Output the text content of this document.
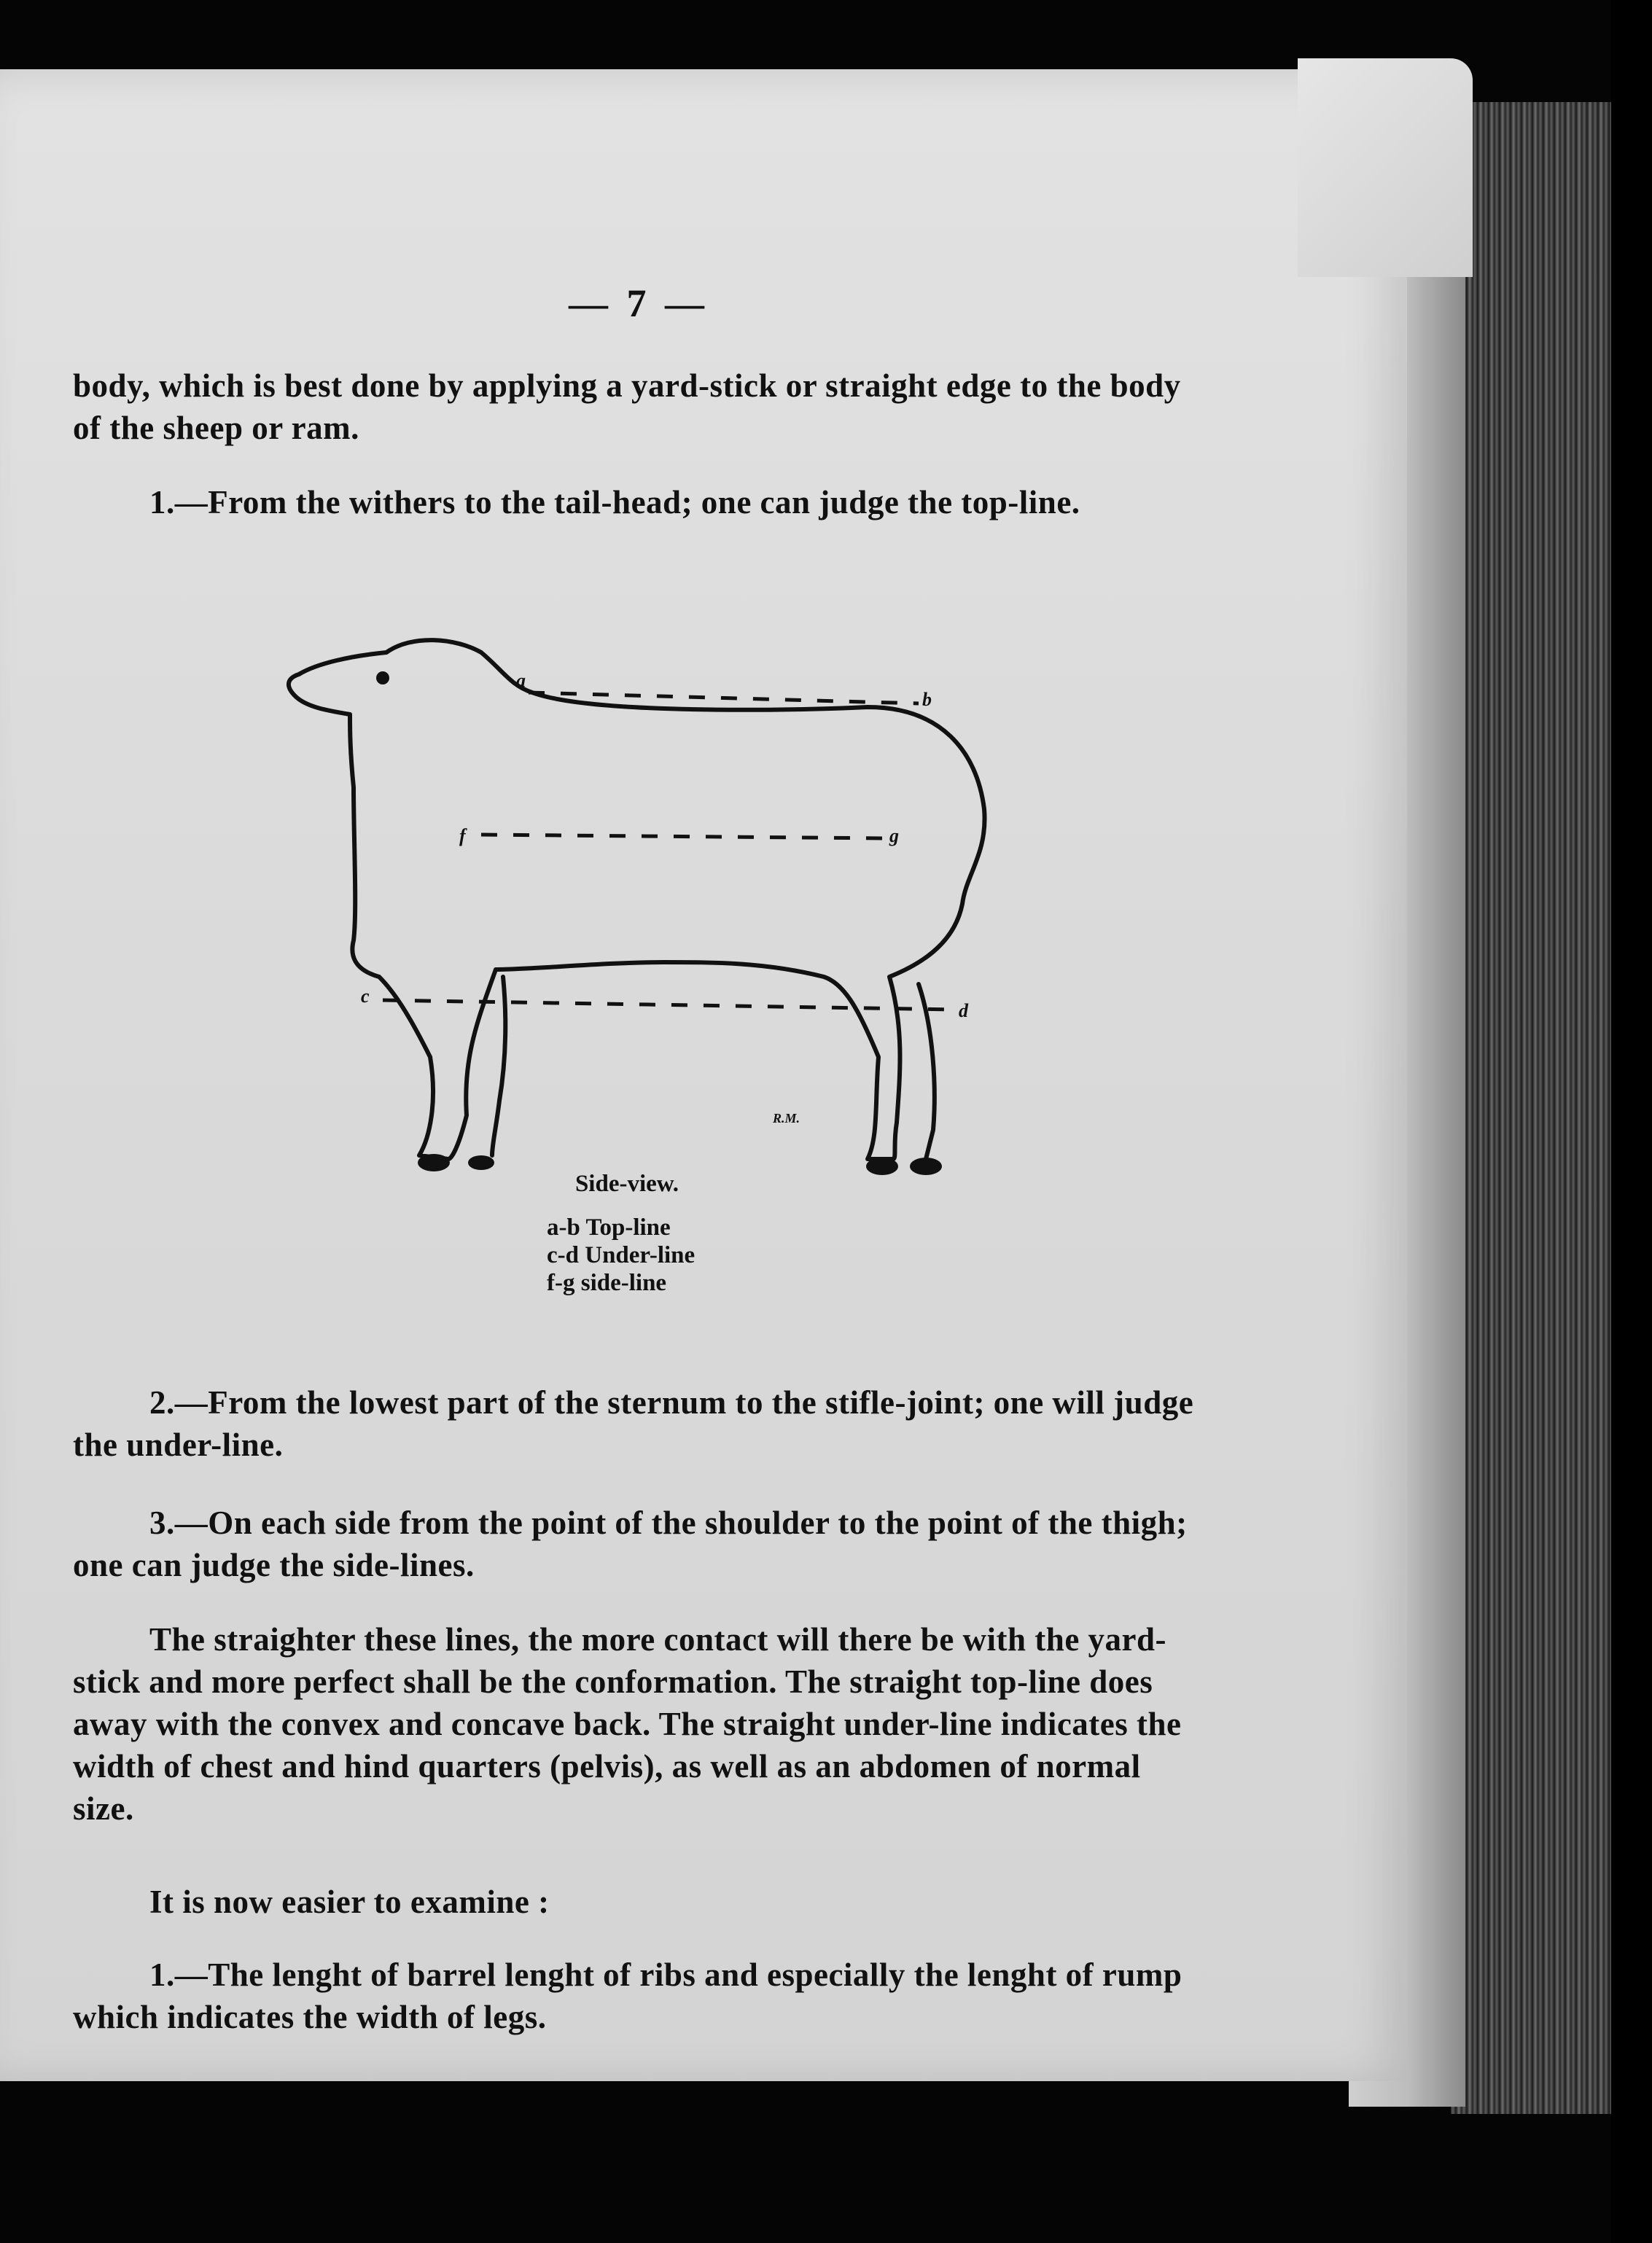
— 7 —
body, which is best done by applying a yard-stick or straight edge to the body of the sheep or ram.
1.—From the withers to the tail-head; one can judge the top-line.
a
b
f	g
c
d
R.M.
Side-view.
a-b Top-line
c-d Under-line
f-g side-line
2.—From the lowest part of the sternum to the stifle-joint; one will judge the under-line.
3.—On each side from the point of the shoulder to the point of the thigh; one can judge the side-lines.
The straighter these lines, the more contact will there be with the yard-stick and more perfect shall be the conformation. The straight top-line does away with the convex and concave back. The straight under-line indicates the width of chest and hind quarters (pelvis), as well as an abdomen of normal size.
It is now easier to examine :
1.—The lenght of barrel lenght of ribs and especially the lenght of rump which indicates the width of legs.
